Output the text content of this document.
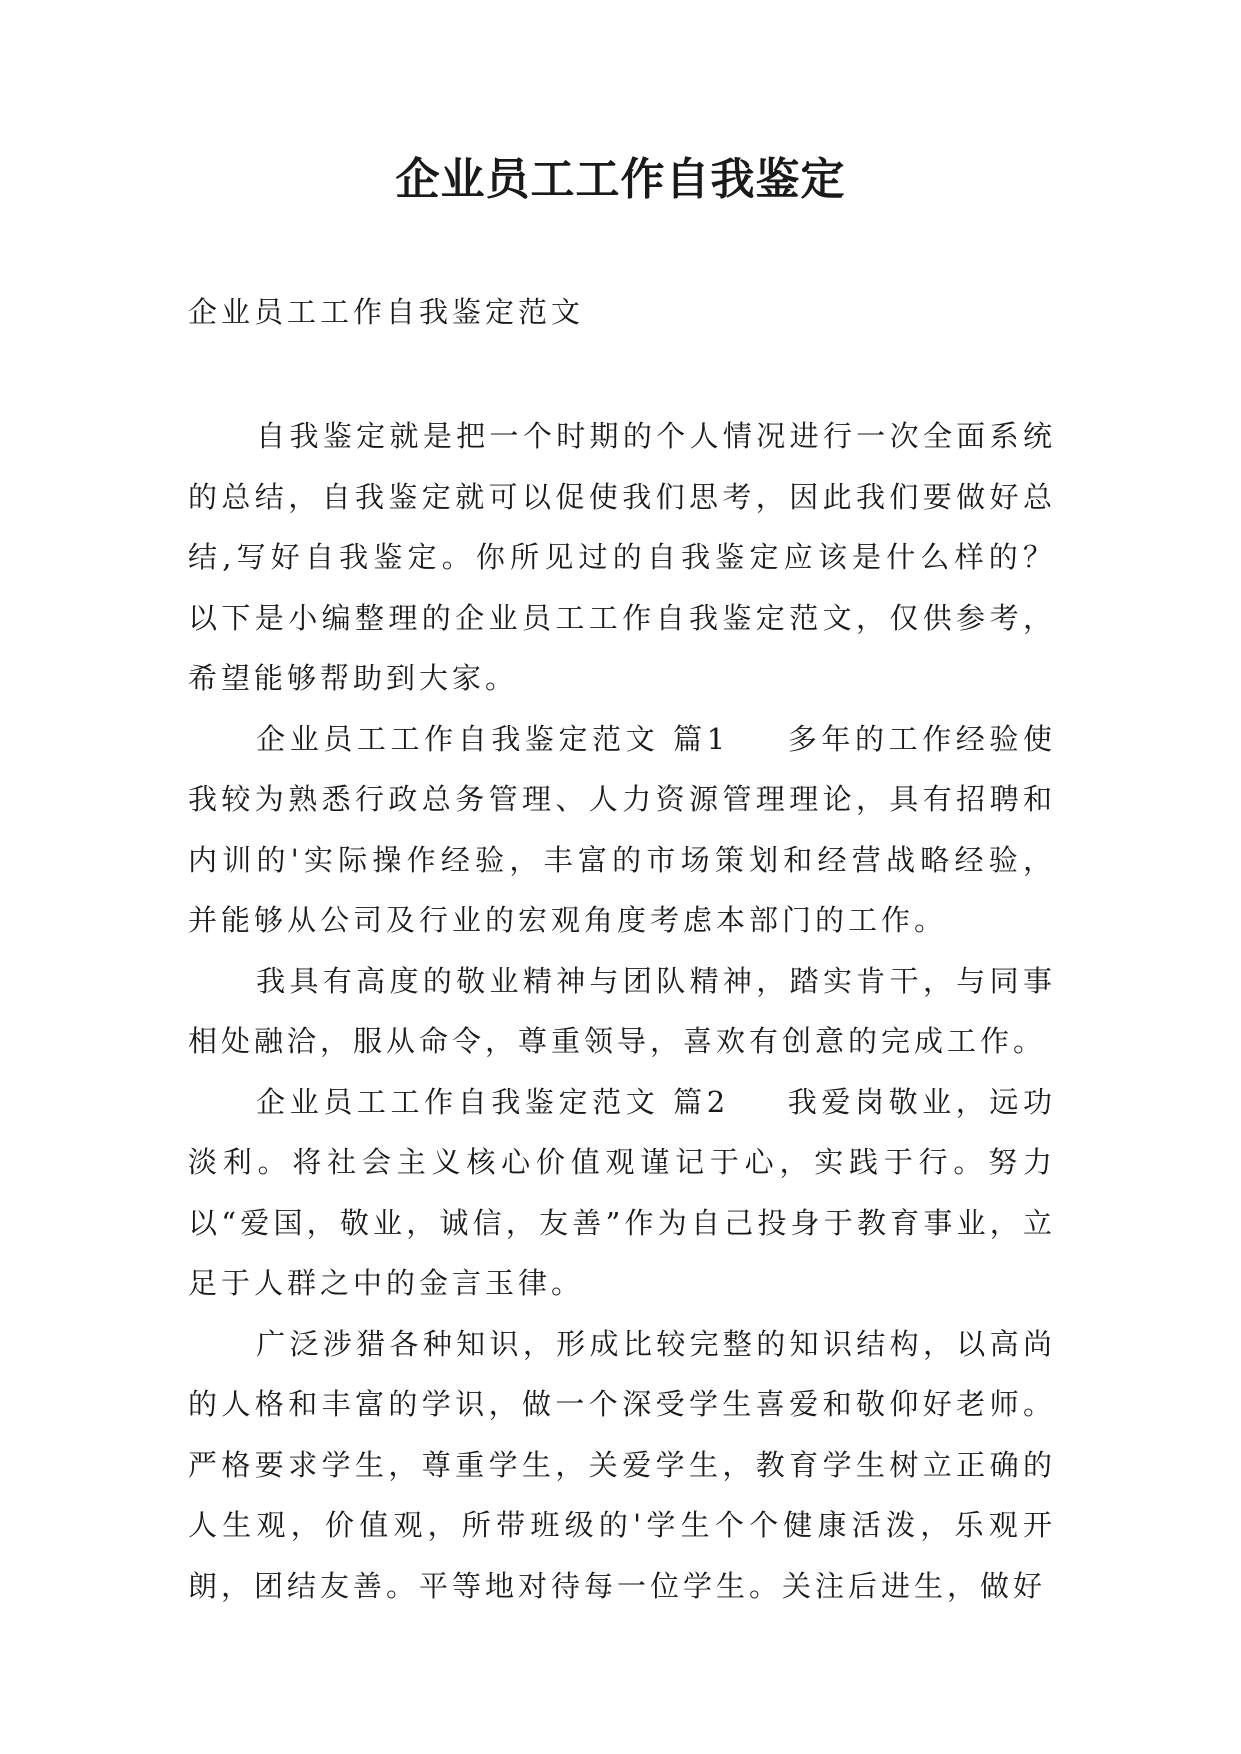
企业员工工作自我鉴定
企业员工工作自我鉴定范文

自我鉴定就是把一个时期的个人情况进行一次全面系统的总结，自我鉴定就可以促使我们思考，因此我们要做好总结,写好自我鉴定。你所见过的自我鉴定应该是什么样的？以下是小编整理的企业员工工作自我鉴定范文，仅供参考，希望能够帮助到大家。

企业员工工作自我鉴定范文 篇1 多年的工作经验使我较为熟悉行政总务管理、人力资源管理理论，具有招聘和内训的'实际操作经验，丰富的市场策划和经营战略经验，并能够从公司及行业的宏观角度考虑本部门的工作。

我具有高度的敬业精神与团队精神，踏实肯干，与同事相处融洽，服从命令，尊重领导，喜欢有创意的完成工作。

企业员工工作自我鉴定范文 篇2 我爱岗敬业，远功淡利。将社会主义核心价值观谨记于心，实践于行。努力以“爱国，敬业，诚信，友善”作为自己投身于教育事业，立足于人群之中的金言玉律。

广泛涉猎各种知识，形成比较完整的知识结构，以高尚的人格和丰富的学识，做一个深受学生喜爱和敬仰好老师。严格要求学生，尊重学生，关爱学生，教育学生树立正确的人生观，价值观，所带班级的'学生个个健康活泼，乐观开朗，团结友善。平等地对待每一位学生。关注后进生，做好
